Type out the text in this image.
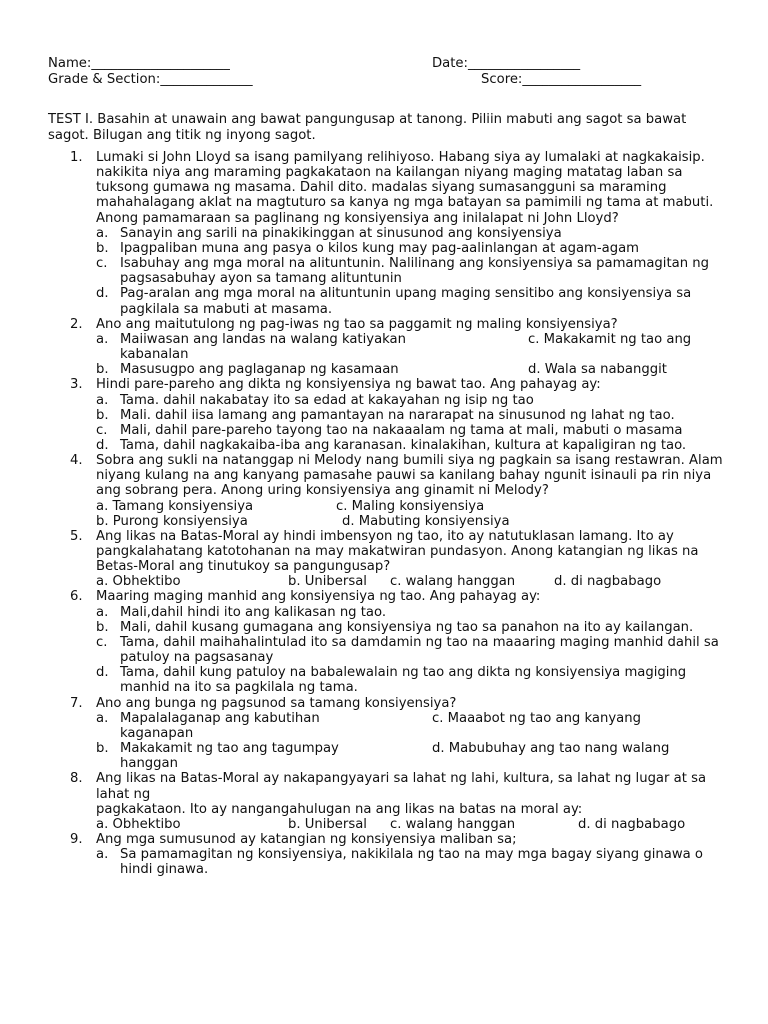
Name:_____________________	Date:_________________
Grade & Section:______________	Score:__________________
TEST I. Basahin at unawain ang bawat pangungusap at tanong. Piliin mabuti ang sagot sa bawat sagot. Bilugan ang titik ng inyong sagot.

1. Lumaki si John Lloyd sa isang pamilyang relihiyoso. Habang siya ay lumalaki at nagkakaisip. nakikita niya ang maraming pagkakataon na kailangan niyang maging matatag laban sa tuksong gumawa ng masama. Dahil dito. madalas siyang sumasangguni sa maraming mahahalagang aklat na magtuturo sa kanya ng mga batayan sa pamimili ng tama at mabuti. Anong pamamaraan sa paglinang ng konsiyensiya ang inilalapat ni John Lloyd?

a. Sanayin ang sarili na pinakikinggan at sinusunod ang konsiyensiya

b. Ipagpaliban muna ang pasya o kilos kung may pag-aalinlangan at agam-agam

c. Isabuhay ang mga moral na alituntunin. Nalilinang ang konsiyensiya sa pamamagitan ng pagsasabuhay ayon sa tamang alituntunin

d. Pag-aralan ang mga moral na alituntunin upang maging sensitibo ang konsiyensiya sa pagkilala sa mabuti at masama.

2. Ano ang maitutulong ng pag-iwas ng tao sa paggamit ng maling konsiyensiya?

a. Maiiwasan ang landas na walang katiyakan	c. Makakamit ng tao ang
kabanalan

b. Masusugpo ang paglaganap ng kasamaan	d. Wala sa nabanggit

3. Hindi pare-pareho ang dikta ng konsiyensiya ng bawat tao. Ang pahayag ay:

a. Tama. dahil nakabatay ito sa edad at kakayahan ng isip ng tao

b. Mali. dahil iisa lamang ang pamantayan na nararapat na sinusunod ng lahat ng tao.

c. Mali, dahil pare-pareho tayong tao na nakaaalam ng tama at mali, mabuti o masama

d. Tama, dahil nagkakaiba-iba ang karanasan. kinalakihan, kultura at kapaligiran ng tao.

4. Sobra ang sukli na natanggap ni Melody nang bumili siya ng pagkain sa isang restawran. Alam niyang kulang na ang kanyang pamasahe pauwi sa kanilang bahay ngunit isinauli pa rin niya ang sobrang pera. Anong uring konsiyensiya ang ginamit ni Melody?

a. Tamang konsiyensiya	c. Maling konsiyensiya
b. Purong konsiyensiya	d. Mabuting konsiyensiya

5. Ang likas na Batas-Moral ay hindi imbensyon ng tao, ito ay natutuklasan lamang. Ito ay pangkalahatang katotohanan na may makatwiran pundasyon. Anong katangian ng likas na Betas-Moral ang tinutukoy sa pangungusap?

a. Obhektibo	b. Unibersal c. walang hanggan	d. di nagbabago

6. Maaring maging manhid ang konsiyensiya ng tao. Ang pahayag ay:

a. Mali,dahil hindi ito ang kalikasan ng tao.

b. Mali, dahil kusang gumagana ang konsiyensiya ng tao sa panahon na ito ay kailangan.

c. Tama, dahil maihahalintulad ito sa damdamin ng tao na maaaring maging manhid dahil sa patuloy na pagsasanay

d. Tama, dahil kung patuloy na babalewalain ng tao ang dikta ng konsiyensiya magiging manhid na ito sa pagkilala ng tama.

7. Ano ang bunga ng pagsunod sa tamang konsiyensiya?

a. Mapalalaganap ang kabutihan	c. Maaabot ng tao ang kanyang
kaganapan

b. Makakamit ng tao ang tagumpay	d. Mabubuhay ang tao nang walang
hanggan

8. Ang likas na Batas-Moral ay nakapangyayari sa lahat ng lahi, kultura, sa lahat ng lugar at sa lahat ng

pagkakataon. Ito ay nangangahulugan na ang likas na batas na moral ay:

a. Obhektibo	b. Unibersal c. walang hanggan	d. di nagbabago

9. Ang mga sumusunod ay katangian ng konsiyensiya maliban sa;

a. Sa pamamagitan ng konsiyensiya, nakikilala ng tao na may mga bagay siyang ginawa o hindi ginawa.
